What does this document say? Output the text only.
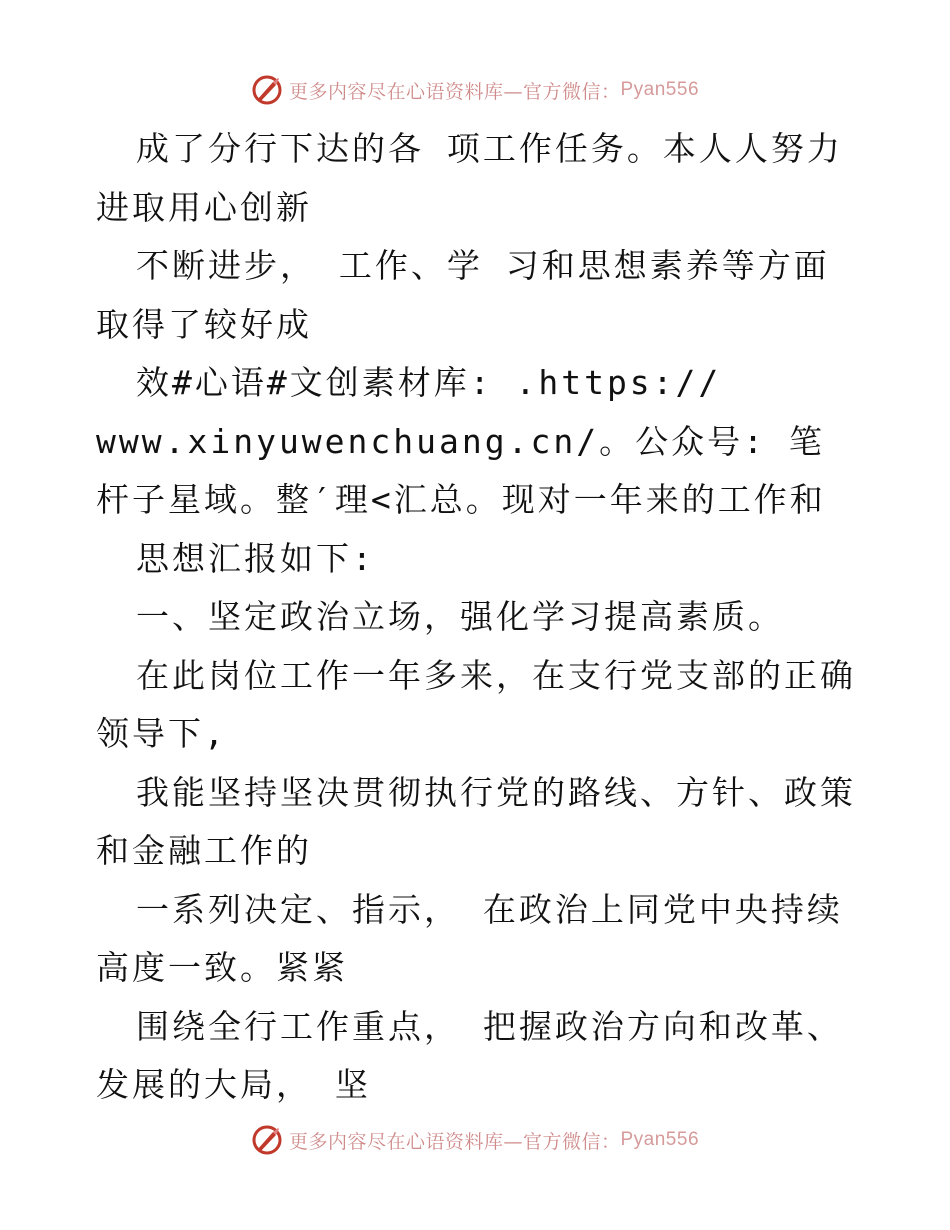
更多内容尽在心语资料库—官方微信： Pyan556

成了分行下达的各 项工作任务。本人人努力进取用心创新

不断进步， 工作、学 习和思想素养等方面取得了较好成

效#心语#文创素材库: .https://

www.xinyuwenchuang.cn/。公众号: 笔杆子星域。整′理<汇总。现对一年来的工作和

思想汇报如下:

一、坚定政治立场，强化学习提高素质。

在此岗位工作一年多来，在支行党支部的正确领导下,

我能坚持坚决贯彻执行党的路线、方针、政策和金融工作的

一系列决定、指示， 在政治上同党中央持续高度一致。紧紧

围绕全行工作重点， 把握政治方向和改革、发展的大局， 坚

更多内容尽在心语资料库—官方微信： Pyan556
